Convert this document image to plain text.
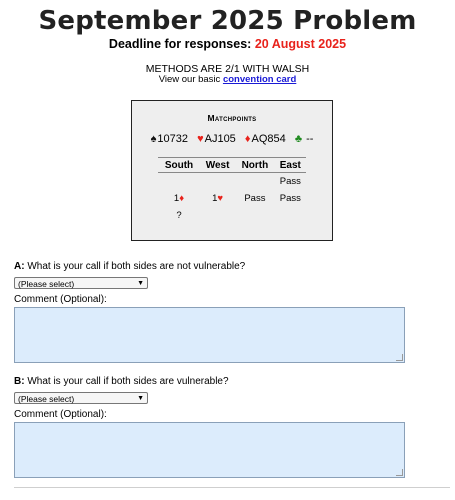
September 2025 Problem
Deadline for responses: 20 August 2025
METHODS ARE 2/1 WITH WALSH
View our basic convention card
Matchpoints
♠10732 ♥AJ105 ♦AQ854 ♣ --
South	West	North	East
			Pass
1♦	1♥	Pass	Pass
?			
A: What is your call if both sides are not vulnerable?
(Please select)	▼
Comment (Optional):
B: What is your call if both sides are vulnerable?
(Please select)	▼
Comment (Optional):
